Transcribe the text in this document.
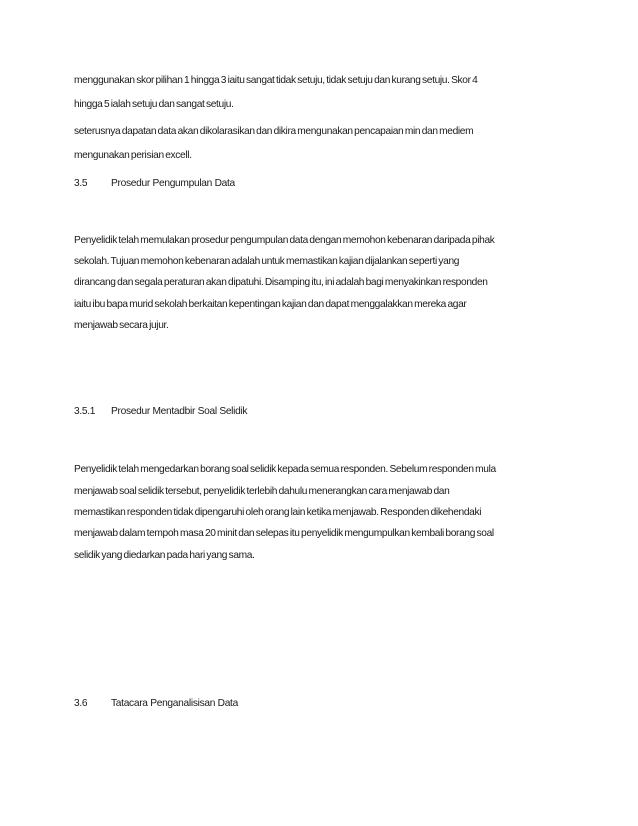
menggunakan skor pilihan 1 hingga 3 iaitu sangat tidak setuju, tidak setuju dan kurang setuju. Skor 4
hingga 5 ialah setuju dan sangat setuju.
seterusnya dapatan data akan dikolarasikan dan dikira mengunakan pencapaian min dan mediem
mengunakan perisian excell.
3.5 Prosedur Pengumpulan Data
Penyelidik telah memulakan prosedur pengumpulan data dengan memohon kebenaran daripada pihak
sekolah. Tujuan memohon kebenaran adalah untuk memastikan kajian dijalankan seperti yang
dirancang dan segala peraturan akan dipatuhi. Disamping itu, ini adalah bagi menyakinkan responden
iaitu ibu bapa murid sekolah berkaitan kepentingan kajian dan dapat menggalakkan mereka agar
menjawab secara jujur.
3.5.1 Prosedur Mentadbir Soal Selidik
Penyelidik telah mengedarkan borang soal selidik kepada semua responden. Sebelum responden mula
menjawab soal selidik tersebut, penyelidik terlebih dahulu menerangkan cara menjawab dan
memastikan responden tidak dipengaruhi oleh orang lain ketika menjawab. Responden dikehendaki
menjawab dalam tempoh masa 20 minit dan selepas itu penyelidik mengumpulkan kembali borang soal
selidik yang diedarkan pada hari yang sama.
3.6 Tatacara Penganalisisan Data
